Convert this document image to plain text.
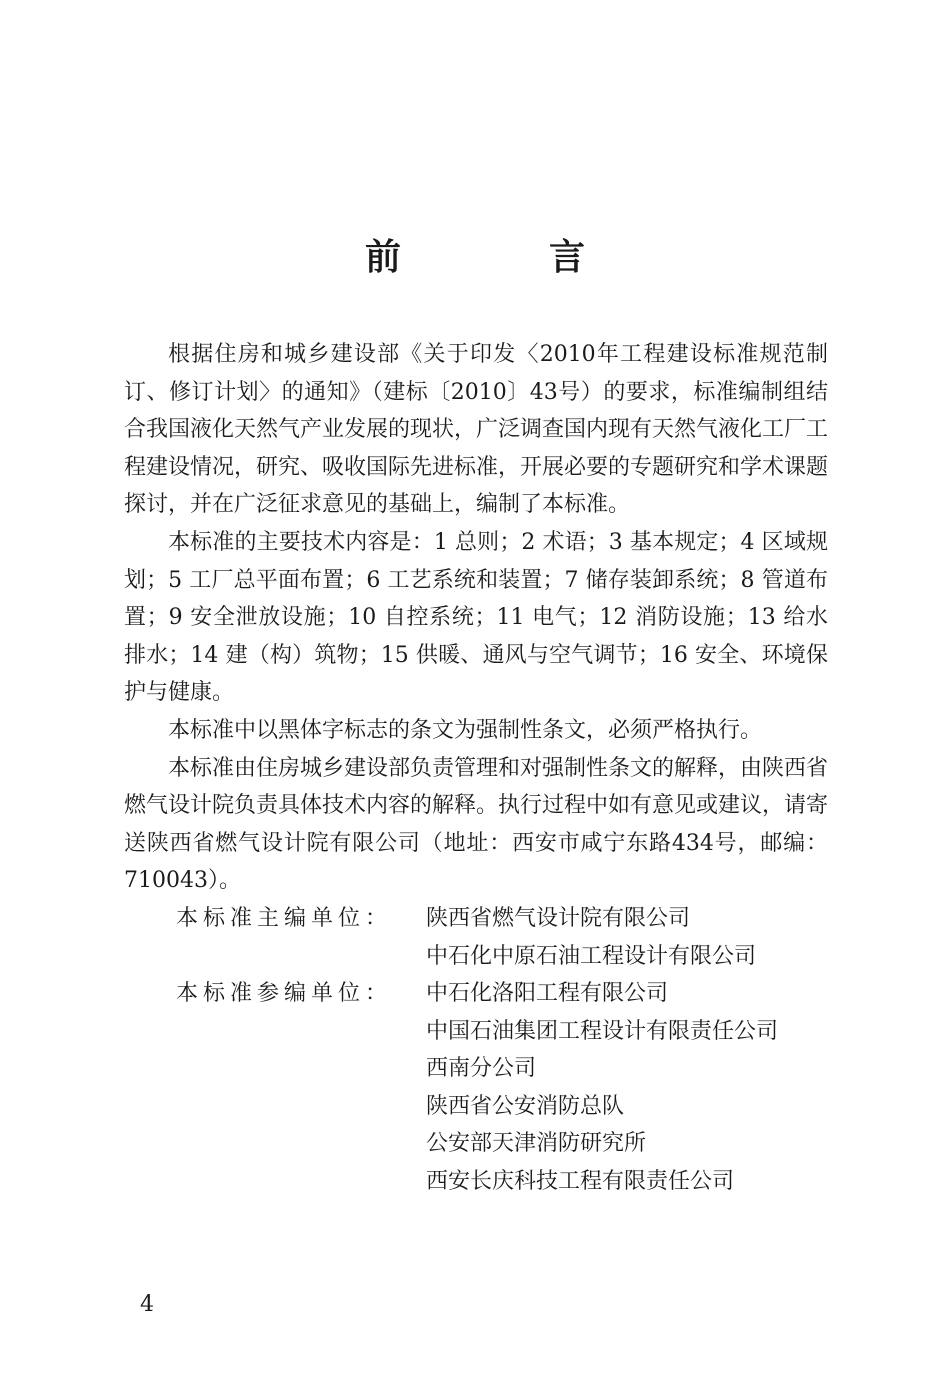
前　言

根据住房和城乡建设部《关于印发〈2010年工程建设标准规范制订、修订计划〉的通知》（建标〔2010〕43号）的要求，标准编制组结合我国液化天然气产业发展的现状，广泛调查国内现有天然气液化工厂工程建设情况，研究、吸收国际先进标准，开展必要的专题研究和学术课题探讨，并在广泛征求意见的基础上，编制了本标准。

本标准的主要技术内容是：1 总则；2 术语；3 基本规定；4 区域规划；5 工厂总平面布置；6 工艺系统和装置；7 储存装卸系统；8 管道布置；9 安全泄放设施；10 自控系统；11 电气；12 消防设施；13 给水排水；14 建（构）筑物；15 供暖、通风与空气调节；16 安全、环境保护与健康。

本标准中以黑体字标志的条文为强制性条文，必须严格执行。

本标准由住房城乡建设部负责管理和对强制性条文的解释，由陕西省燃气设计院负责具体技术内容的解释。执行过程中如有意见或建议，请寄送陕西省燃气设计院有限公司（地址：西安市咸宁东路434号，邮编：710043）。

本标准主编单位：	陕西省燃气设计院有限公司
中石化中原石油工程设计有限公司
本标准参编单位：	中石化洛阳工程有限公司
中国石油集团工程设计有限责任公司
西南分公司
陕西省公安消防总队
公安部天津消防研究所
西安长庆科技工程有限责任公司
4
